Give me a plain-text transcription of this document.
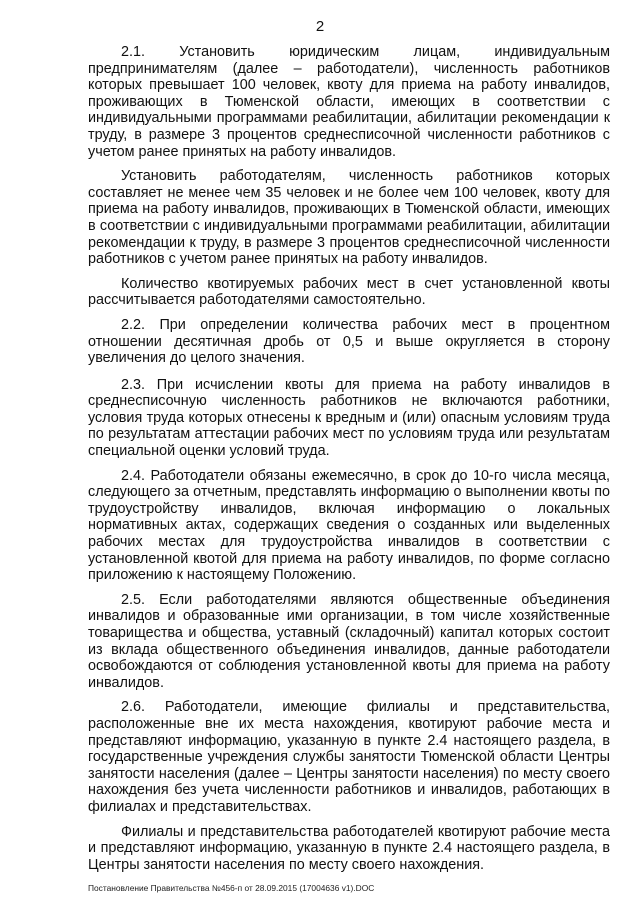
2

2.1. Установить юридическим лицам, индивидуальным предпринимателям (далее – работодатели), численность работников которых превышает 100 человек, квоту для приема на работу инвалидов, проживающих в Тюменской области, имеющих в соответствии с индивидуальными программами реабилитации, абилитации рекомендации к труду, в размере 3 процентов среднесписочной численности работников с учетом ранее принятых на работу инвалидов.

Установить работодателям, численность работников которых составляет не менее чем 35 человек и не более чем 100 человек, квоту для приема на работу инвалидов, проживающих в Тюменской области, имеющих в соответствии с индивидуальными программами реабилитации, абилитации рекомендации к труду, в размере 3 процентов среднесписочной численности работников с учетом ранее принятых на работу инвалидов.

Количество квотируемых рабочих мест в счет установленной квоты рассчитывается работодателями самостоятельно.

2.2. При определении количества рабочих мест в процентном отношении десятичная дробь от 0,5 и выше округляется в сторону увеличения до целого значения.

2.3. При исчислении квоты для приема на работу инвалидов в среднесписочную численность работников не включаются работники, условия труда которых отнесены к вредным и (или) опасным условиям труда по результатам аттестации рабочих мест по условиям труда или результатам специальной оценки условий труда.

2.4. Работодатели обязаны ежемесячно, в срок до 10-го числа месяца, следующего за отчетным, представлять информацию о выполнении квоты по трудоустройству инвалидов, включая информацию о локальных нормативных актах, содержащих сведения о созданных или выделенных рабочих местах для трудоустройства инвалидов в соответствии с установленной квотой для приема на работу инвалидов, по форме согласно приложению к настоящему Положению.

2.5. Если работодателями являются общественные объединения инвалидов и образованные ими организации, в том числе хозяйственные товарищества и общества, уставный (складочный) капитал которых состоит из вклада общественного объединения инвалидов, данные работодатели освобождаются от соблюдения установленной квоты для приема на работу инвалидов.

2.6. Работодатели, имеющие филиалы и представительства, расположенные вне их места нахождения, квотируют рабочие места и представляют информацию, указанную в пункте 2.4 настоящего раздела, в государственные учреждения службы занятости Тюменской области Центры занятости населения (далее – Центры занятости населения) по месту своего нахождения без учета численности работников и инвалидов, работающих в филиалах и представительствах.

Филиалы и представительства работодателей квотируют рабочие места и представляют информацию, указанную в пункте 2.4 настоящего раздела, в Центры занятости населения по месту своего нахождения.

Постановление Правительства №456-п от 28.09.2015 (17004636 v1).DOC
